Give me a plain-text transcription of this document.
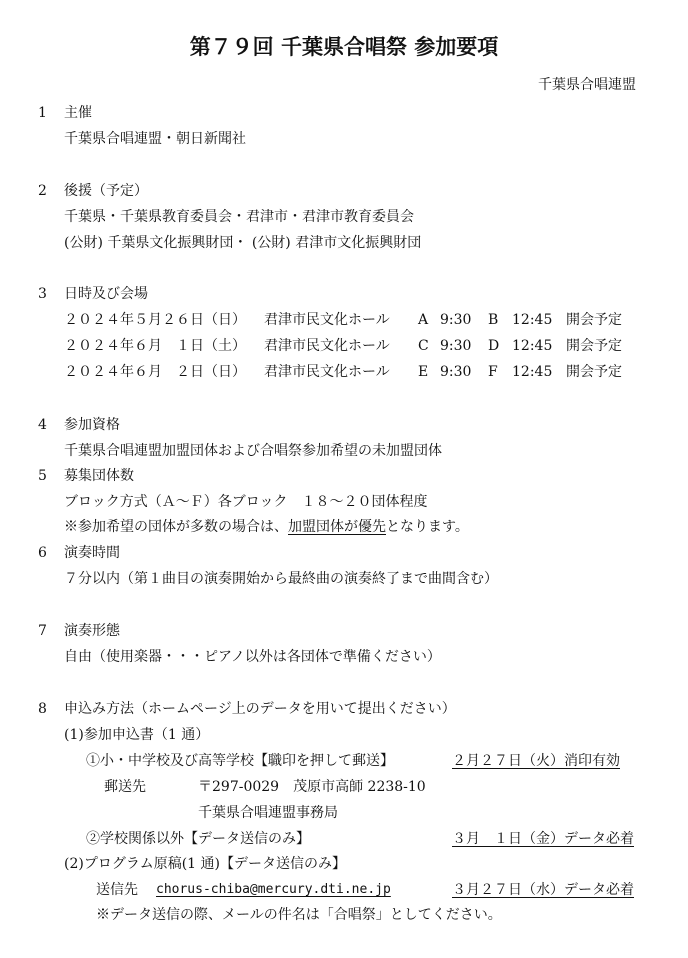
第７９回 千葉県合唱祭 参加要項
千葉県合唱連盟
1 主催
千葉県合唱連盟・朝日新聞社
2 後援（予定）
千葉県・千葉県教育委員会・君津市・君津市教育委員会
(公財) 千葉県文化振興財団・ (公財) 君津市文化振興財団
3 日時及び会場
２０２４年５月２６日（日） 君津市民文化ホール A 9:30 B 12:45 開会予定
２０２４年６月　１日（土） 君津市民文化ホール C 9:30 D 12:45 開会予定
２０２４年６月　２日（日） 君津市民文化ホール E 9:30 F 12:45 開会予定
4 参加資格
千葉県合唱連盟加盟団体および合唱祭参加希望の未加盟団体
5 募集団体数
ブロック方式（Ａ～Ｆ）各ブロック　１８～２０団体程度
※参加希望の団体が多数の場合は、加盟団体が優先となります。
6 演奏時間
７分以内（第１曲目の演奏開始から最終曲の演奏終了まで曲間含む）
7 演奏形態
自由（使用楽器・・・ピアノ以外は各団体で準備ください）
8 申込み方法（ホームページ上のデータを用いて提出ください）
(1)参加申込書（1 通）
①小・中学校及び高等学校【職印を押して郵送】	２月２７日（火）消印有効
郵送先	〒297-0029　茂原市高師 2238-10
千葉県合唱連盟事務局
②学校関係以外【データ送信のみ】	３月　１日（金）データ必着
(2)プログラム原稿(1 通)【データ送信のみ】
送信先 chorus-chiba@mercury.dti.ne.jp	３月２７日（水）データ必着
※データ送信の際、メールの件名は「合唱祭」としてください。
